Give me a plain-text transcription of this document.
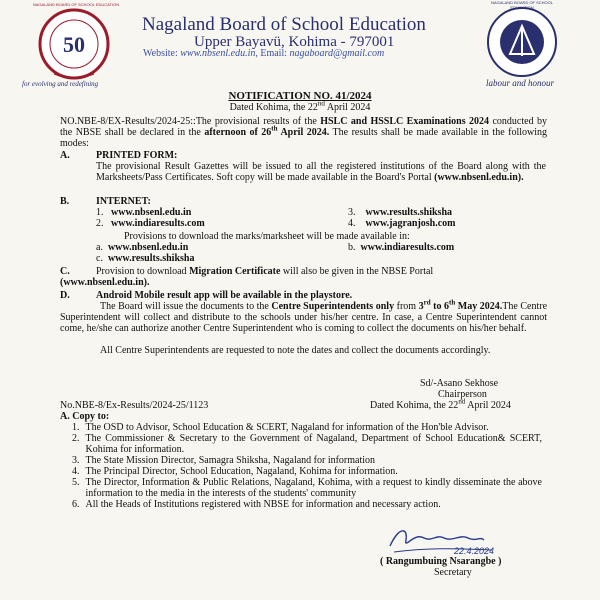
50
NAGALAND BOARD OF SCHOOL EDUCATION
for evolving and redefining
Nagaland Board of School Education
Upper Bayavü, Kohima - 797001
Website: www.nbsenl.edu.in, Email: nagaboard@gmail.com
NAGALAND BOARD OF SCHOOL EDUCATION
labour and honour
NOTIFICATION NO. 41/2024
Dated Kohima, the 22nd April 2024
NO.NBE-8/EX-Results/2024-25::The provisional results of the HSLC and HSSLC Examinations 2024 conducted by the NBSE shall be declared in the afternoon of 26th April 2024. The results shall be made available in the following modes:
A.	PRINTED FORM:
The provisional Result Gazettes will be issued to all the registered institutions of the Board along with the Marksheets/Pass Certificates. Soft copy will be made available in the Board's Portal (www.nbsenl.edu.in).
B.	INTERNET:
1. www.nbsenl.edu.in
2. www.indiaresults.com
3. www.results.shiksha
4. www.jagranjosh.com
Provisions to download the marks/marksheet will be made available in:
a. www.nbsenl.edu.in	b. www.indiaresults.com
c. www.results.shiksha
C.	Provision to download Migration Certificate will also be given in the NBSE Portal
(www.nbsenl.edu.in).
D.	Android Mobile result app will be available in the playstore.
The Board will issue the documents to the Centre Superintendents only from 3rd to 6th May 2024.The Centre Superintendent will collect and distribute to the schools under his/her centre. In case, a Centre Superintendent cannot come, he/she can authorize another Centre Superintendent who is coming to collect the documents on his/her behalf.
All Centre Superintendents are requested to note the dates and collect the documents accordingly.
Sd/-Asano Sekhose
Chairperson
No.NBE-8/Ex-Results/2024-25/1123	Dated Kohima, the 22nd April 2024
A. Copy to:
1. The OSD to Advisor, School Education & SCERT, Nagaland for information of the Hon'ble Advisor.
2. The Commissioner & Secretary to the Government of Nagaland, Department of School Education& SCERT, Kohima for information.
3. The State Mission Director, Samagra Shiksha, Nagaland for information
4. The Principal Director, School Education, Nagaland, Kohima for information.
5. The Director, Information & Public Relations, Nagaland, Kohima, with a request to kindly disseminate the above information to the media in the interests of the students' community
6. All the Heads of Institutions registered with NBSE for information and necessary action.
22.4.2024
( Rangumbuing Nsarangbe )
Secretary
